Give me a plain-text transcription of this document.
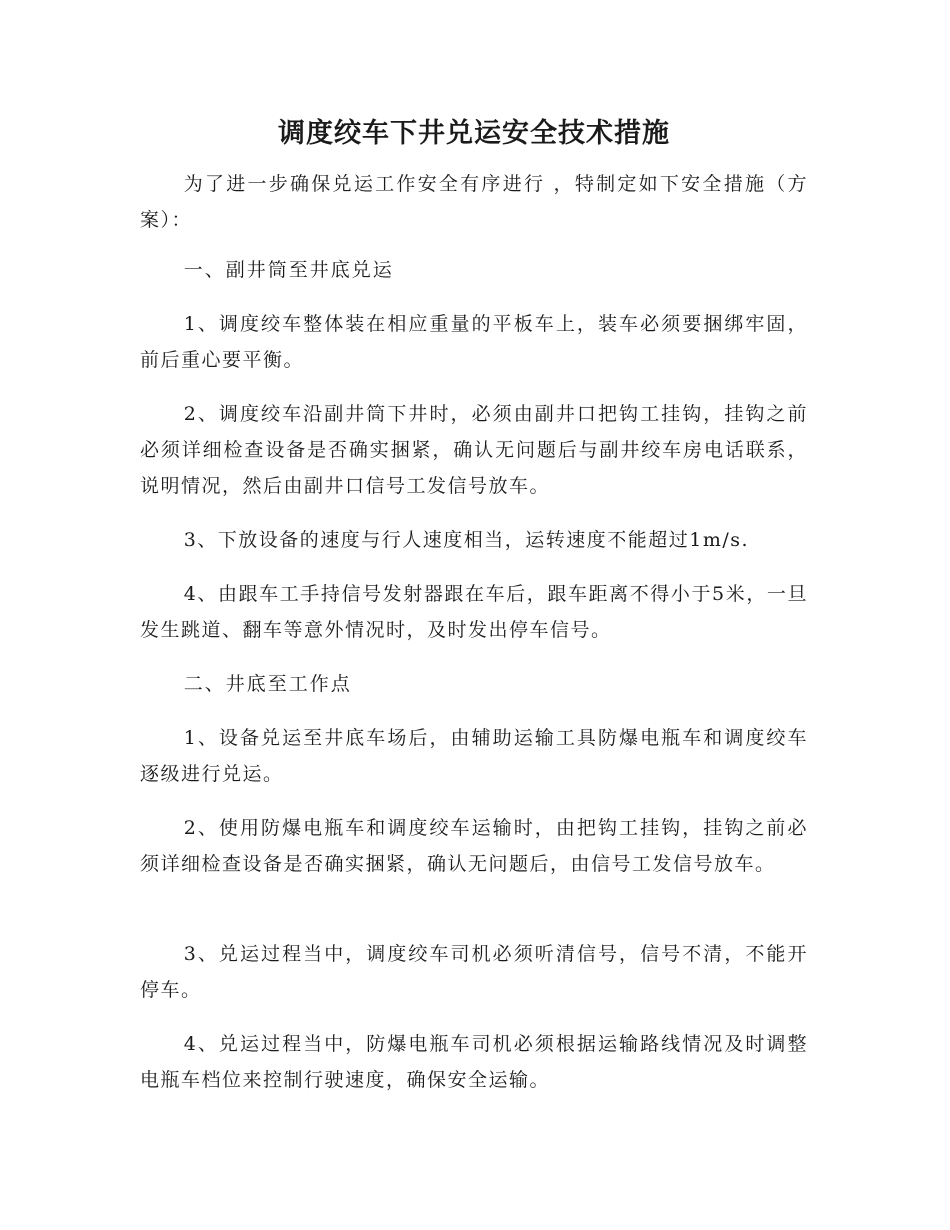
调度绞车下井兑运安全技术措施

为了进一步确保兑运工作安全有序进行 ，特制定如下安全措施（方案）：

一、副井筒至井底兑运

1、调度绞车整体装在相应重量的平板车上，装车必须要捆绑牢固，前后重心要平衡。

2、调度绞车沿副井筒下井时，必须由副井口把钩工挂钩，挂钩之前必须详细检查设备是否确实捆紧，确认无问题后与副井绞车房电话联系，说明情况，然后由副井口信号工发信号放车。

3、下放设备的速度与行人速度相当，运转速度不能超过1m/s.

4、由跟车工手持信号发射器跟在车后，跟车距离不得小于5米，一旦发生跳道、翻车等意外情况时，及时发出停车信号。

二、井底至工作点

1、设备兑运至井底车场后，由辅助运输工具防爆电瓶车和调度绞车逐级进行兑运。

2、使用防爆电瓶车和调度绞车运输时，由把钩工挂钩，挂钩之前必须详细检查设备是否确实捆紧，确认无问题后，由信号工发信号放车。

3、兑运过程当中，调度绞车司机必须听清信号，信号不清，不能开停车。

4、兑运过程当中，防爆电瓶车司机必须根据运输路线情况及时调整电瓶车档位来控制行驶速度，确保安全运输。
